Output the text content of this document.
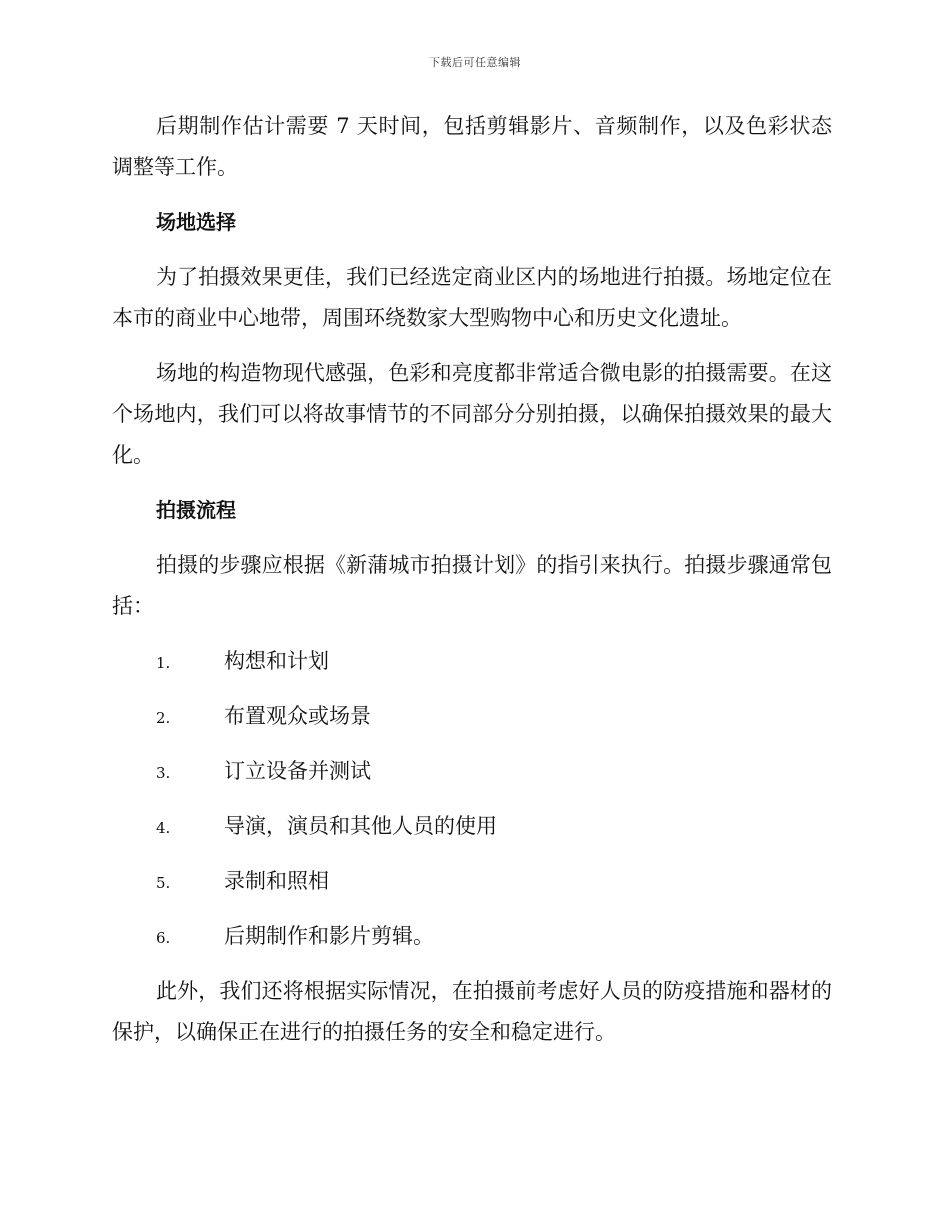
下载后可任意编辑

后期制作估计需要 7 天时间，包括剪辑影片、音频制作，以及色彩状态调整等工作。

场地选择

为了拍摄效果更佳，我们已经选定商业区内的场地进行拍摄。场地定位在本市的商业中心地带，周围环绕数家大型购物中心和历史文化遗址。

场地的构造物现代感强，色彩和亮度都非常适合微电影的拍摄需要。在这个场地内，我们可以将故事情节的不同部分分别拍摄，以确保拍摄效果的最大化。

拍摄流程

拍摄的步骤应根据《新蒲城市拍摄计划》的指引来执行。拍摄步骤通常包括：

1.	构想和计划
2.	布置观众或场景
3.	订立设备并测试
4.	导演，演员和其他人员的使用
5.	录制和照相
6.	后期制作和影片剪辑。

此外，我们还将根据实际情况，在拍摄前考虑好人员的防疫措施和器材的保护，以确保正在进行的拍摄任务的安全和稳定进行。
